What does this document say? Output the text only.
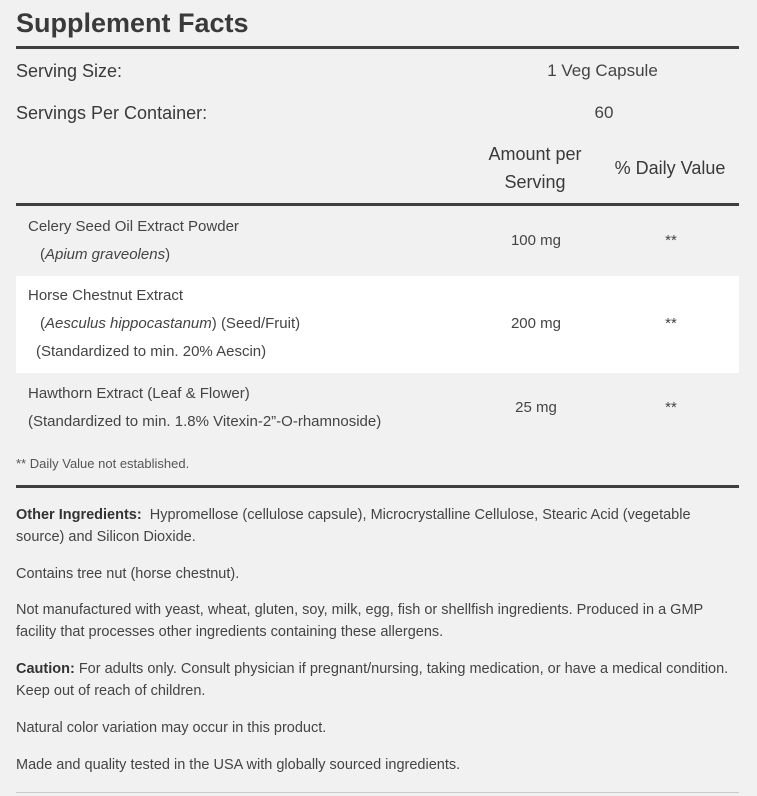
Supplement Facts
Serving Size:	1 Veg Capsule
Servings Per Container:	60
Amount per
Serving
% Daily Value
Celery Seed Oil Extract Powder
(Apium graveolens)
100 mg	**
Horse Chestnut Extract
(Aesculus hippocastanum) (Seed/Fruit)
(Standardized to min. 20% Aescin)
200 mg	**
Hawthorn Extract (Leaf & Flower)
(Standardized to min. 1.8% Vitexin-2”-O-rhamnoside)
25 mg	**
** Daily Value not established.
Other Ingredients: Hypromellose (cellulose capsule), Microcrystalline Cellulose, Stearic Acid (vegetable source) and Silicon Dioxide.
Contains tree nut (horse chestnut).
Not manufactured with yeast, wheat, gluten, soy, milk, egg, fish or shellfish ingredients. Produced in a GMP facility that processes other ingredients containing these allergens.
Caution: For adults only. Consult physician if pregnant/nursing, taking medication, or have a medical condition. Keep out of reach of children.
Natural color variation may occur in this product.
Made and quality tested in the USA with globally sourced ingredients.
